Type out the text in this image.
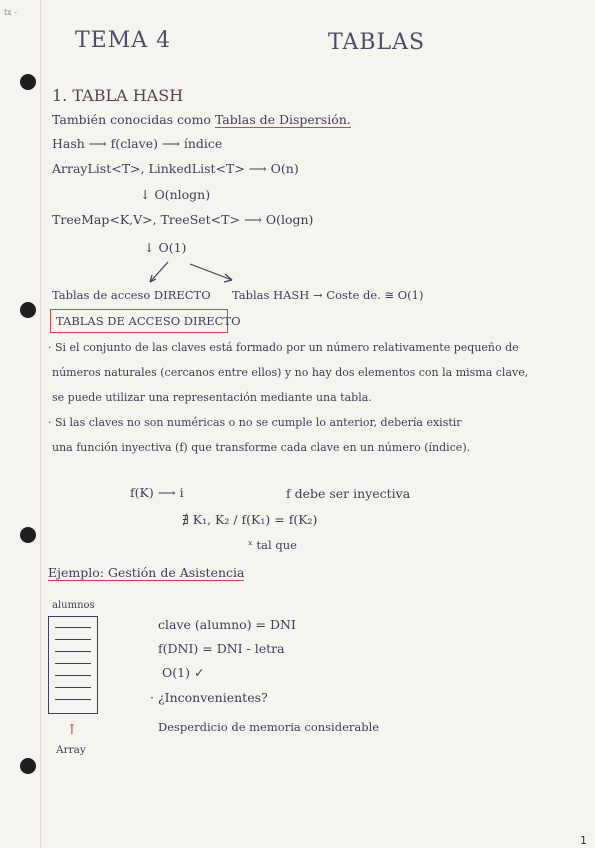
tx -
TEMA 4	TABLAS
1. TABLA HASH
También conocidas como Tablas de Dispersión.
Hash ⟶ f(clave) ⟶ índice
ArrayList<T>, LinkedList<T> ⟶ O(n)
↓ O(nlogn)
TreeMap<K,V>, TreeSet<T> ⟶ O(logn)
↓ O(1)
Tablas de acceso DIRECTO Tablas HASH → Coste de. ≅ O(1)
TABLAS DE ACCESO DIRECTO
· Si el conjunto de las claves está formado por un número relativamente pequeño de
números naturales (cercanos entre ellos) y no hay dos elementos con la misma clave,
se puede utilizar una representación mediante una tabla.
· Si las claves no son numéricas o no se cumple lo anterior, debería existir
una función inyectiva (f) que transforme cada clave en un número (índice).
f(K) ⟶ i	f debe ser inyectiva
∄ K₁, K₂ / f(K₁) = f(K₂)
ˣ tal que
Ejemplo: Gestión de Asistencia
alumnos
↑
Array
clave (alumno) = DNI
f(DNI) = DNI - letra
O(1) ✓
· ¿Inconvenientes?
Desperdicio de memoria considerable
1
